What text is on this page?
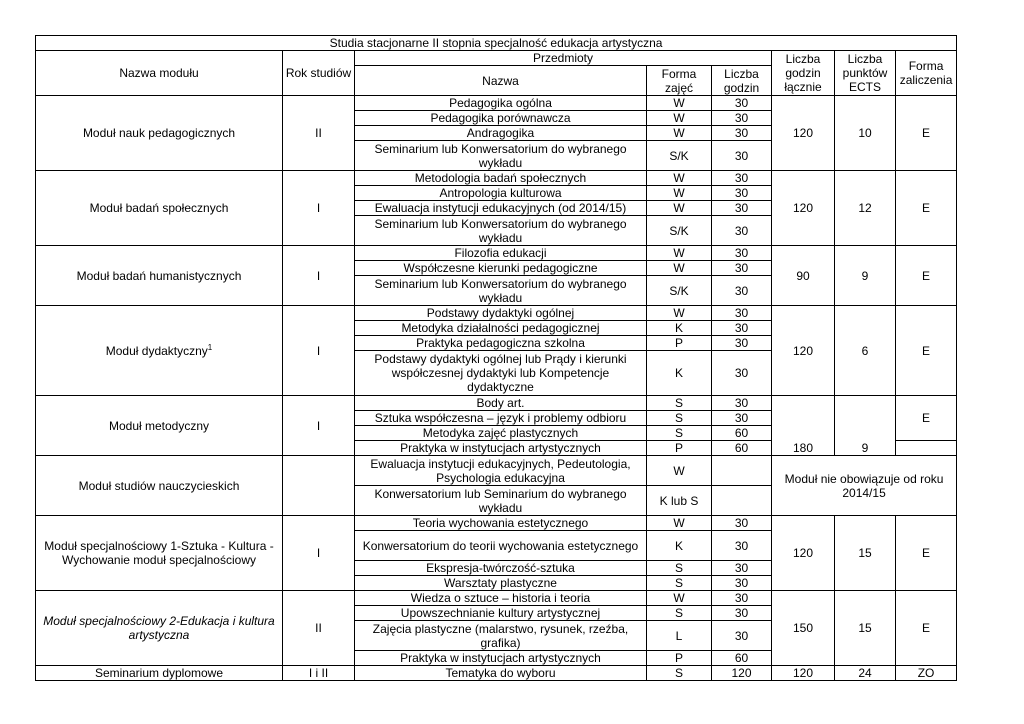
Studia stacjonarne II stopnia specjalność edukacja artystyczna							
Nazwa modułu	Rok studiów	Przedmioty			Liczba godzin łącznie	Liczba punktów ECTS	Forma zaliczenia
		Nazwa	Forma zajęć	Liczba godzin			
Moduł nauk pedagogicznych	II	Pedagogika ogólna	W	30	120	10	E
		Pedagogika porównawcza	W	30			
		Andragogika	W	30			
		Seminarium lub Konwersatorium do wybranego wykładu	S/K	30			
Moduł badań społecznych	I	Metodologia badań społecznych	W	30	120	12	E
		Antropologia kulturowa	W	30			
		Ewaluacja instytucji edukacyjnych (od 2014/15)	W	30			
		Seminarium lub Konwersatorium do wybranego wykładu	S/K	30			
Moduł badań humanistycznych	I	Filozofia edukacji	W	30	90	9	E
		Współczesne kierunki pedagogiczne	W	30			
		Seminarium lub Konwersatorium do wybranego wykładu	S/K	30			
Moduł dydaktyczny$^1$	I	Podstawy dydaktyki ogólnej	W	30	120	6	E
		Metodyka działalności pedagogicznej	K	30			
		Praktyka pedagogiczna szkolna	P	30			
		Podstawy dydaktyki ogólnej lub Prądy i kierunki współczesnej dydaktyki lub Kompetencje dydaktyczne	K	30			
Moduł metodyczny	I	Body art.	S	30	180	9	E
		Sztuka współczesna – język i problemy odbioru	S	30			
		Metodyka zajęć plastycznych	S	60			
		Praktyka w instytucjach artystycznych	P	60			
Moduł studiów nauczycieskich		Ewaluacja instytucji edukacyjnych, Pedeutologia, Psychologia edukacyjna	W		Moduł nie obowiązuje od roku 2014/15		
		Konwersatorium lub Seminarium do wybranego wykładu	K lub S				
Moduł specjalnościowy 1-Sztuka - Kultura - Wychowanie moduł specjalnościowy	I	Teoria wychowania estetycznego	W	30	120	15	E
		Konwersatorium do teorii wychowania estetycznego	K	30			
		Ekspresja-twórczość-sztuka	S	30			
		Warsztaty plastyczne	S	30			
Moduł specjalnościowy 2-Edukacja i kultura artystyczna	II	Wiedza o sztuce – historia i teoria	W	30	150	15	E
		Upowszechnianie kultury artystycznej	S	30			
		Zajęcia plastyczne (malarstwo, rysunek, rzeźba, grafika)	L	30			
		Praktyka w instytucjach artystycznych	P	60			
Seminarium dyplomowe	I i II	Tematyka do wyboru	S	120	120	24	ZO
